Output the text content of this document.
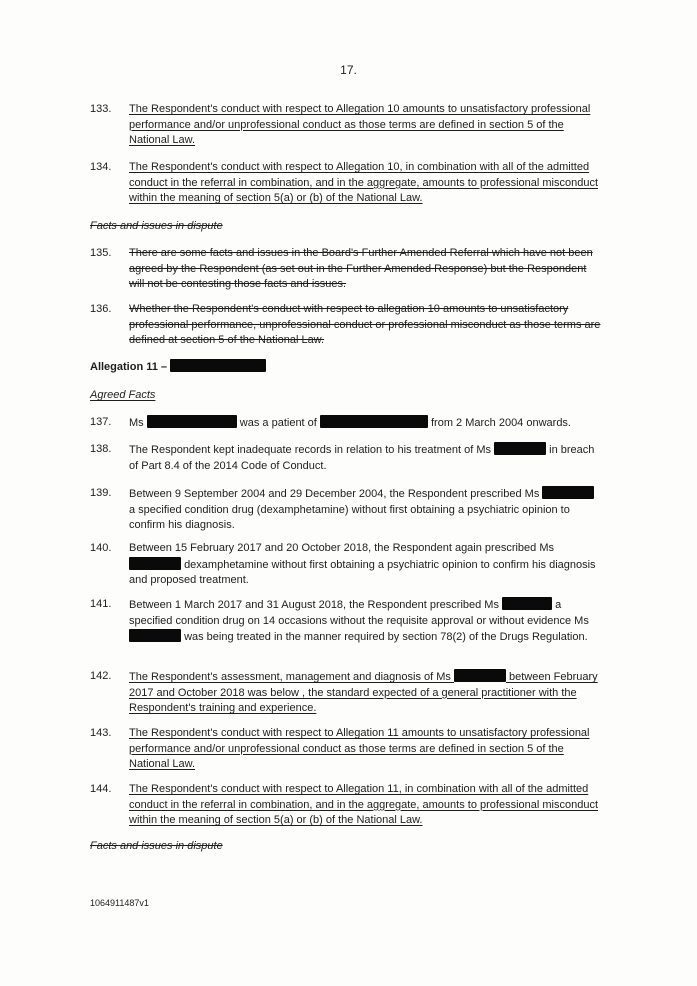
17.
133.	The Respondent's conduct with respect to Allegation 10 amounts to unsatisfactory professional performance and/or unprofessional conduct as those terms are defined in section 5 of the National Law.
134.	The Respondent's conduct with respect to Allegation 10, in combination with all of the admitted conduct in the referral in combination, and in the aggregate, amounts to professional misconduct within the meaning of section 5(a) or (b) of the National Law.
Facts and issues in dispute
135.	There are some facts and issues in the Board's Further Amended Referral which have not been agreed by the Respondent (as set out in the Further Amended Response) but the Respondent will not be contesting those facts and issues.
136.	Whether the Respondent's conduct with respect to allegation 10 amounts to unsatisfactory professional performance, unprofessional conduct or professional misconduct as those terms are defined at section 5 of the National Law.
Allegation 11 –
Agreed Facts
137.	Ms	was a patient of	from 2 March 2004 onwards.
138.	The Respondent kept inadequate records in relation to his treatment of Ms	in breach of Part 8.4 of the 2014 Code of Conduct.
139.	Between 9 September 2004 and 29 December 2004, the Respondent prescribed Ms  a specified condition drug (dexamphetamine) without first obtaining a psychiatric opinion to confirm his diagnosis.
140.	Between 15 February 2017 and 20 October 2018, the Respondent again prescribed Ms  dexamphetamine without first obtaining a psychiatric opinion to confirm his diagnosis and proposed treatment.
141.	Between 1 March 2017 and 31 August 2018, the Respondent prescribed Ms	a specified condition drug on 14 occasions without the requisite approval or without evidence Ms  was being treated in the manner required by section 78(2) of the Drugs Regulation.
142.	The Respondent's assessment, management and diagnosis of Ms	between February 2017 and October 2018 was below , the standard expected of a general practitioner with the Respondent's training and experience.
143.	The Respondent's conduct with respect to Allegation 11 amounts to unsatisfactory professional performance and/or unprofessional conduct as those terms are defined in section 5 of the National Law.
144.	The Respondent's conduct with respect to Allegation 11, in combination with all of the admitted conduct in the referral in combination, and in the aggregate, amounts to professional misconduct within the meaning of section 5(a) or (b) of the National Law.
Facts and issues in dispute
1064911487v1
